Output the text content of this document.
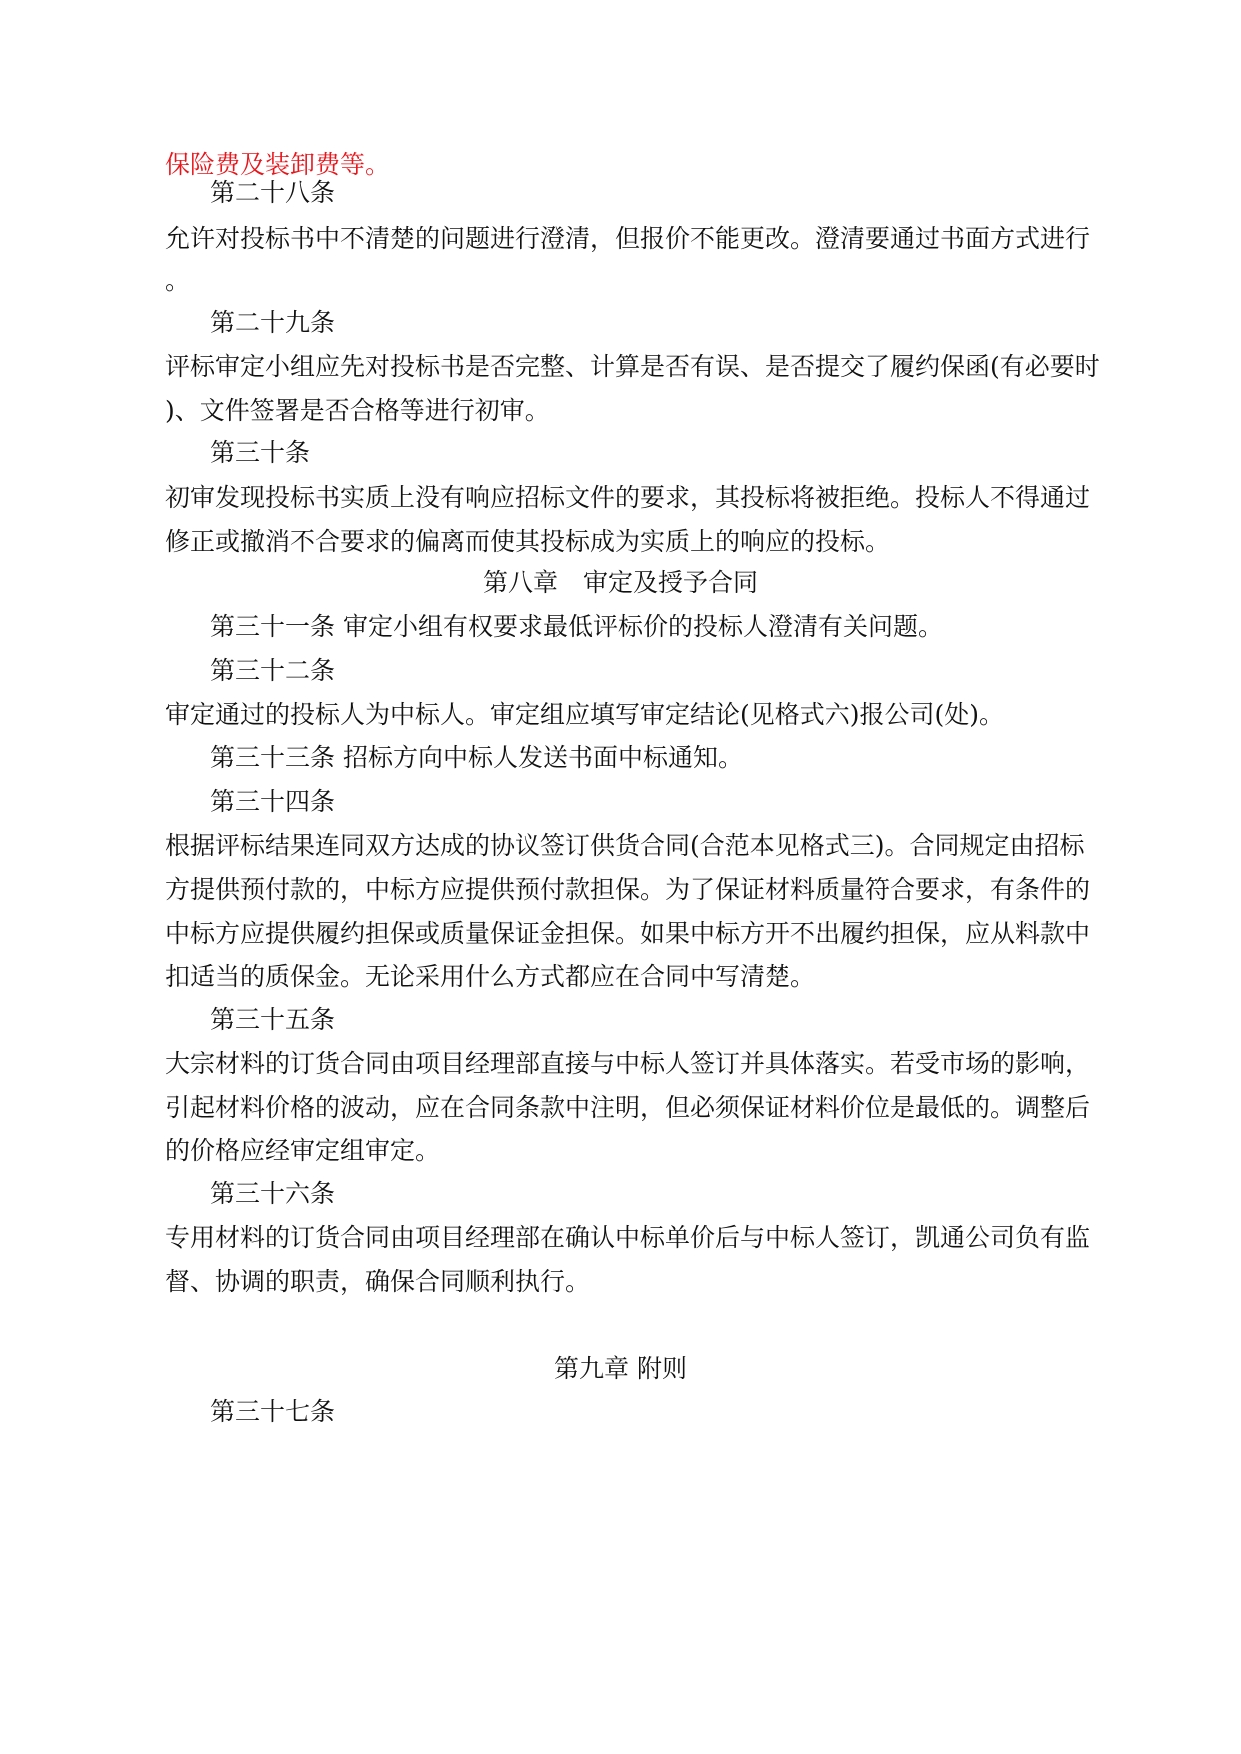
保险费及装卸费等。
第二十八条
允许对投标书中不清楚的问题进行澄清，但报价不能更改。澄清要通过书面方式进行
。
第二十九条
评标审定小组应先对投标书是否完整、计算是否有误、是否提交了履约保函(有必要时
)、文件签署是否合格等进行初审。
第三十条
初审发现投标书实质上没有响应招标文件的要求，其投标将被拒绝。投标人不得通过
修正或撤消不合要求的偏离而使其投标成为实质上的响应的投标。
第八章　审定及授予合同
第三十一条 审定小组有权要求最低评标价的投标人澄清有关问题。
第三十二条
审定通过的投标人为中标人。审定组应填写审定结论(见格式六)报公司(处)。
第三十三条 招标方向中标人发送书面中标通知。
第三十四条
根据评标结果连同双方达成的协议签订供货合同(合范本见格式三)。合同规定由招标
方提供预付款的，中标方应提供预付款担保。为了保证材料质量符合要求，有条件的
中标方应提供履约担保或质量保证金担保。如果中标方开不出履约担保，应从料款中
扣适当的质保金。无论采用什么方式都应在合同中写清楚。
第三十五条
大宗材料的订货合同由项目经理部直接与中标人签订并具体落实。若受市场的影响，
引起材料价格的波动，应在合同条款中注明，但必须保证材料价位是最低的。调整后
的价格应经审定组审定。
第三十六条
专用材料的订货合同由项目经理部在确认中标单价后与中标人签订，凯通公司负有监
督、协调的职责，确保合同顺利执行。
第九章 附则
第三十七条
